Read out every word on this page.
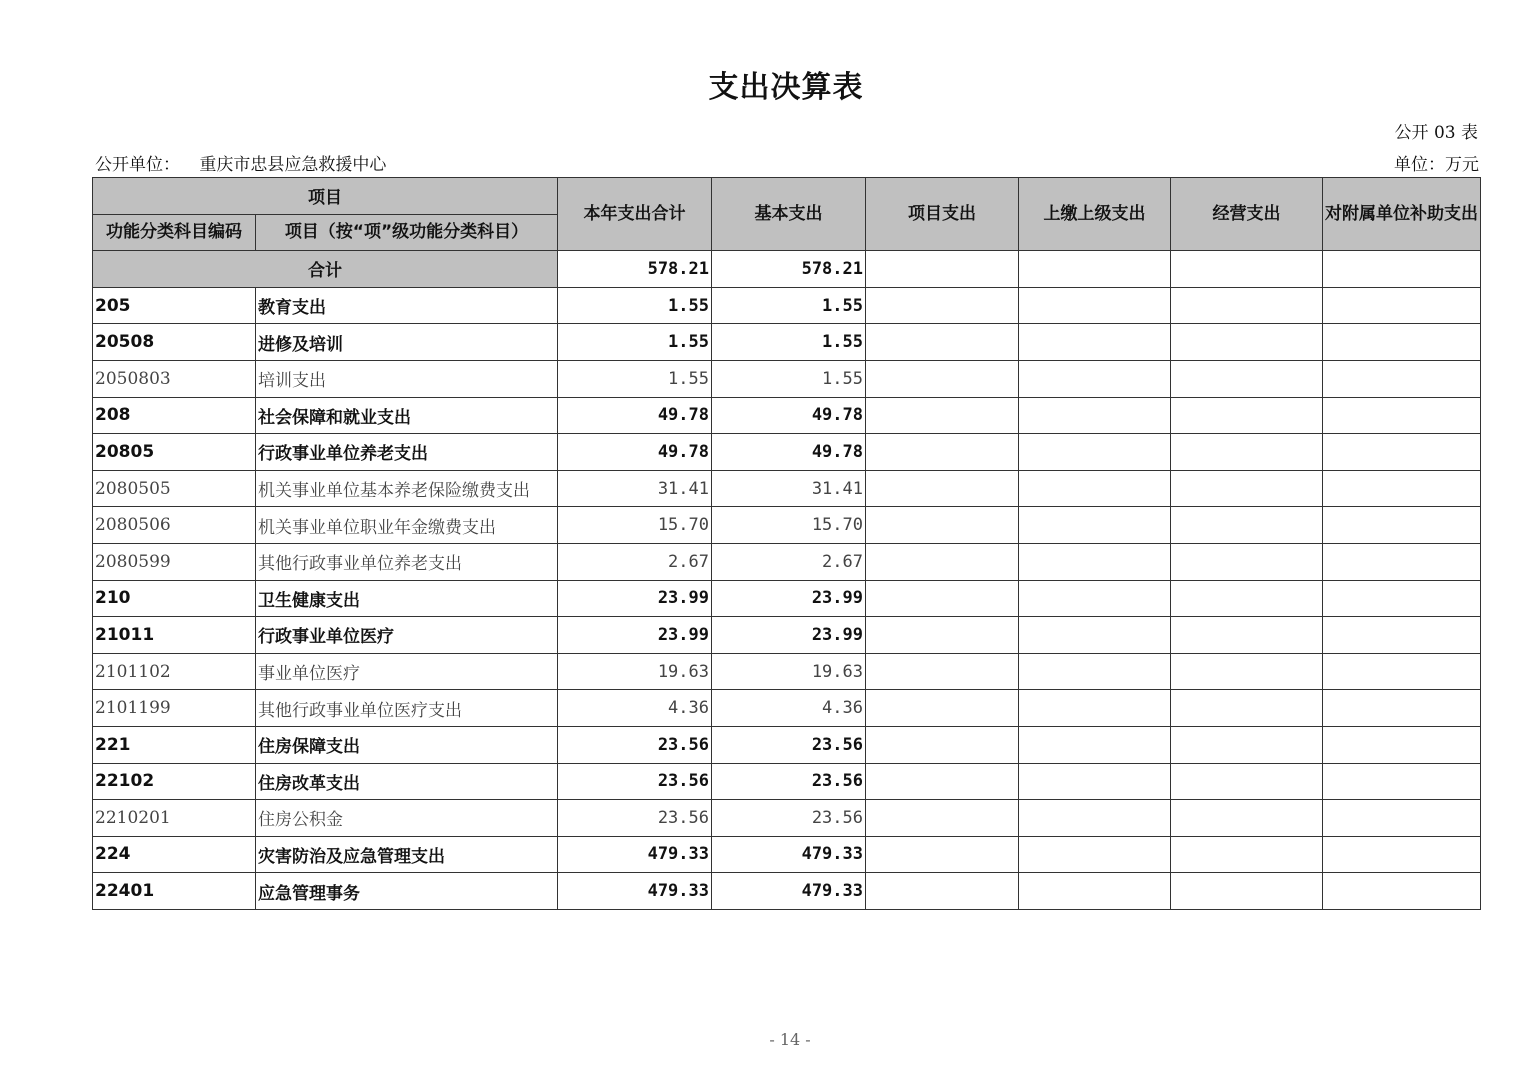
支出决算表
公开 03 表
公开单位： 重庆市忠县应急救援中心	单位：万元
项目		本年支出合计	基本支出	项目支出	上缴上级支出	经营支出	对附属单位补助支出
功能分类科目编码	项目（按“项”级功能分类科目）						
合计		578.21	578.21				
205	教育支出	1.55	1.55				
20508	进修及培训	1.55	1.55				
2050803	培训支出	1.55	1.55				
208	社会保障和就业支出	49.78	49.78				
20805	行政事业单位养老支出	49.78	49.78				
2080505	机关事业单位基本养老保险缴费支出	31.41	31.41				
2080506	机关事业单位职业年金缴费支出	15.70	15.70				
2080599	其他行政事业单位养老支出	2.67	2.67				
210	卫生健康支出	23.99	23.99				
21011	行政事业单位医疗	23.99	23.99				
2101102	事业单位医疗	19.63	19.63				
2101199	其他行政事业单位医疗支出	4.36	4.36				
221	住房保障支出	23.56	23.56				
22102	住房改革支出	23.56	23.56				
2210201	住房公积金	23.56	23.56				
224	灾害防治及应急管理支出	479.33	479.33				
22401	应急管理事务	479.33	479.33				
- 14 -
